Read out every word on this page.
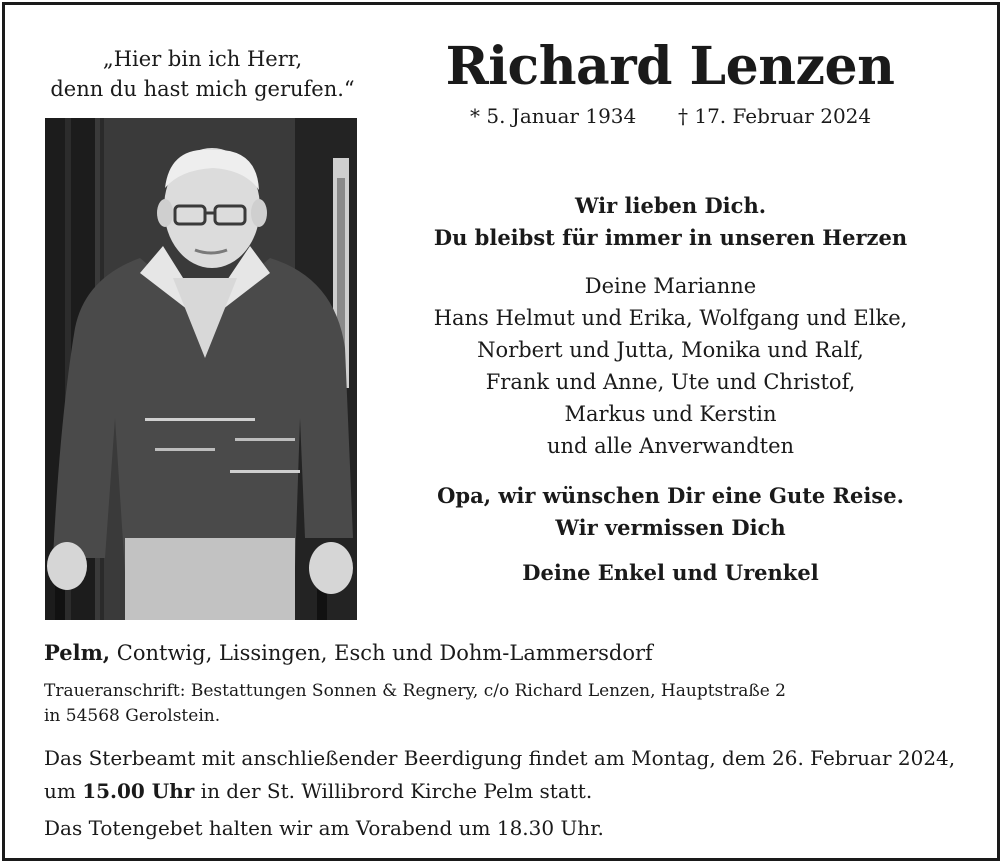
„Hier bin ich Herr,
denn du hast mich gerufen.“	Richard Lenzen
* 5. Januar 1934 † 17. Februar 2024
Wir lieben Dich.
Du bleibst für immer in unseren Herzen
Deine Marianne
Hans Helmut und Erika, Wolfgang und Elke,
Norbert und Jutta, Monika und Ralf,
Frank und Anne, Ute und Christof,
Markus und Kerstin
und alle Anverwandten
Opa, wir wünschen Dir eine Gute Reise.
Wir vermissen Dich
Deine Enkel und Urenkel
Pelm, Contwig, Lissingen, Esch und Dohm-Lammersdorf
Traueranschrift: Bestattungen Sonnen & Regnery, c/o Richard Lenzen, Hauptstraße 2
in 54568 Gerolstein.
Das Sterbeamt mit anschließender Beerdigung findet am Montag, dem 26. Februar 2024,
um 15.00 Uhr in der St. Willibrord Kirche Pelm statt.
Das Totengebet halten wir am Vorabend um 18.30 Uhr.
